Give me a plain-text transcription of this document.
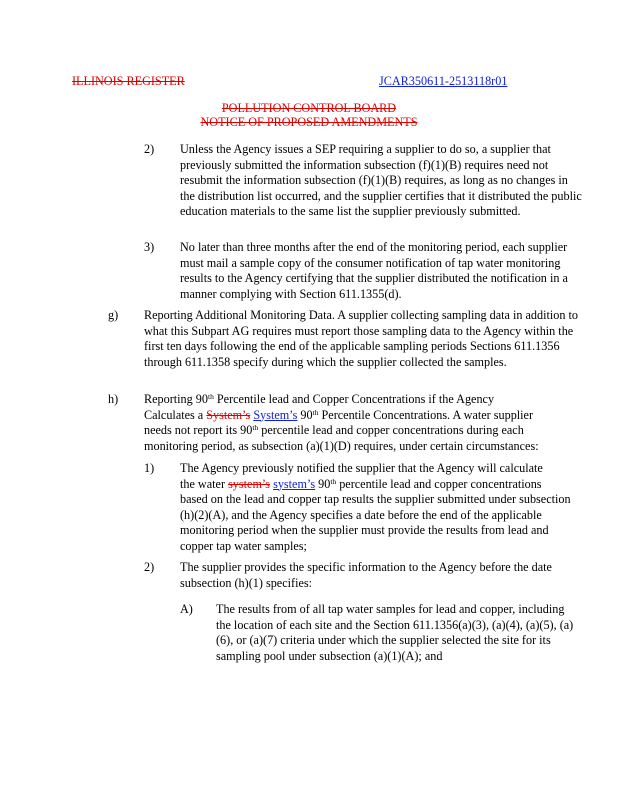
ILLINOIS REGISTER	JCAR350611-2513118r01
POLLUTION CONTROL BOARD
NOTICE OF PROPOSED AMENDMENTS
2) Unless the Agency issues a SEP requiring a supplier to do so, a supplier that previously submitted the information subsection (f)(1)(B) requires need not resubmit the information subsection (f)(1)(B) requires, as long as no changes in the distribution list occurred, and the supplier certifies that it distributed the public education materials to the same list the supplier previously submitted.
3) No later than three months after the end of the monitoring period, each supplier must mail a sample copy of the consumer notification of tap water monitoring results to the Agency certifying that the supplier distributed the notification in a manner complying with Section 611.1355(d).
g) Reporting Additional Monitoring Data. A supplier collecting sampling data in addition to what this Subpart AG requires must report those sampling data to the Agency within the first ten days following the end of the applicable sampling periods Sections 611.1356 through 611.1358 specify during which the supplier collected the samples.
h) Reporting 90th Percentile lead and Copper Concentrations if the Agency
Calculates a System’s System’s 90th Percentile Concentrations. A water supplier
needs not report its 90th percentile lead and copper concentrations during each
monitoring period, as subsection (a)(1)(D) requires, under certain circumstances:
1) The Agency previously notified the supplier that the Agency will calculate
the water system’s system’s 90th percentile lead and copper concentrations
based on the lead and copper tap results the supplier submitted under subsection (h)(2)(A), and the Agency specifies a date before the end of the applicable monitoring period when the supplier must provide the results from lead and copper tap water samples;
2) The supplier provides the specific information to the Agency before the date subsection (h)(1) specifies:
A) The results from of all tap water samples for lead and copper, including the location of each site and the Section 611.1356(a)(3), (a)(4), (a)(5), (a)(6), or (a)(7) criteria under which the supplier selected the site for its sampling pool under subsection (a)(1)(A); and
